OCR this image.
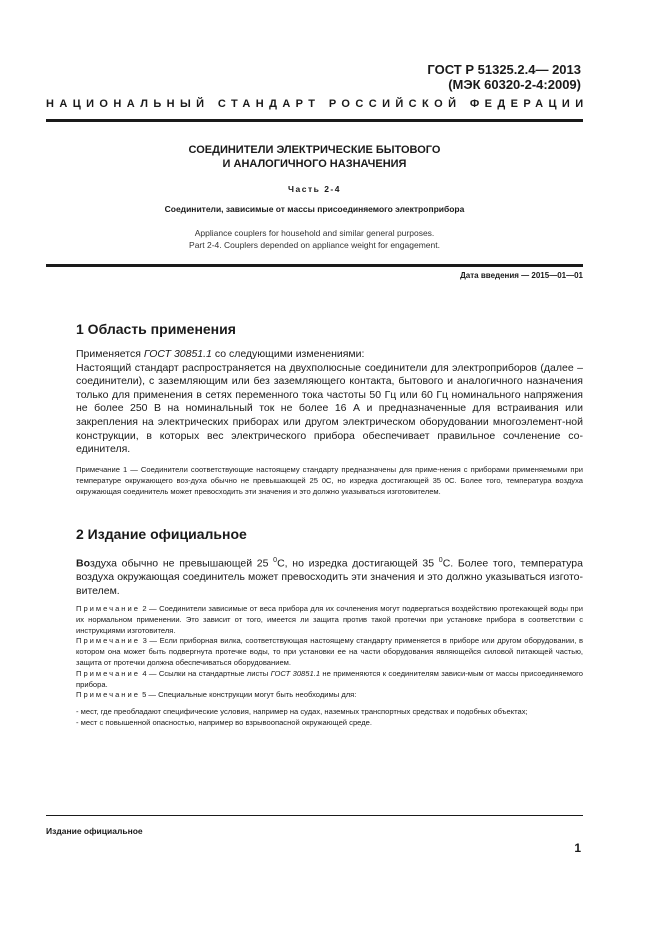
ГОСТ Р 51325.2.4— 2013
(МЭК 60320-2-4:2009)
НАЦИОНАЛЬНЫЙ СТАНДАРТ РОССИЙСКОЙ ФЕДЕРАЦИИ
СОЕДИНИТЕЛИ ЭЛЕКТРИЧЕСКИЕ БЫТОВОГО
И АНАЛОГИЧНОГО НАЗНАЧЕНИЯ
Часть 2-4
Соединители, зависимые от массы присоединяемого электроприбора
Appliance couplers for household and similar general purposes.
Part 2-4. Couplers depended on appliance weight for engagement.
Дата введения — 2015—01—01
1 Область применения

Применяется ГОСТ 30851.1 со следующими изменениями:

Настоящий стандарт распространяется на двухполюсные соединители для электроприборов (далее – соединители), с заземляющим или без заземляющего контакта, бытового и аналогичного назначения только для применения в сетях переменного тока частоты 50 Гц или 60 Гц номинального напряжения не более 250 В на номинальный ток не более 16 А и предназначенные для встраивания или закрепления на электрических приборах или другом электрическом оборудовании многоэлемент-ной конструкции, в которых вес электрического прибора обеспечивает правильное сочленение со-единителя.

Примечание 1 — Соединители соответствующие настоящему стандарту предназначены для приме-нения с приборами применяемыми при температуре окружающего воз-духа обычно не превышающей 25 0С, но изредка достигающей 35 0С. Более того, температура воздуха окружающая соединитель может превосходить эти значения и это должно указываться изготовителем.
2 Издание официальное
Воздуха обычно не превышающей 25 $^0$С, но изредка достигающей 35 $^0$С. Более того, температура воздуха окружающая соединитель может превосходить эти значения и это должно указываться изгото-вителем.

Примечание 2 — Соединители зависимые от веса прибора для их сочленения могут подвергаться воздействию протекающей воды при их нормальном применении. Это зависит от того, имеется ли защита против такой протечки при установке прибора в соответствии с инструкциями изготовителя.

Примечание 3 — Если приборная вилка, соответствующая настоящему стандарту применяется в приборе или другом оборудовании, в котором она может быть подвергнута протечке воды, то при установки ее на части оборудования являющейся силовой питающей частью, защита от протечки должна обеспечиваться оборудованием.

Примечание 4 — Ссылки на стандартные листы ГОСТ 30851.1 не применяются к соединителям зависи-мым от массы присоединяемого прибора.

Примечание 5 — Специальные конструкции могут быть необходимы для:

- мест, где преобладают специфические условия, например на судах, наземных транспортных средствах и подобных объектах;

- мест с повышенной опасностью, например во взрывоопасной окружающей среде.

Издание официальное
1
